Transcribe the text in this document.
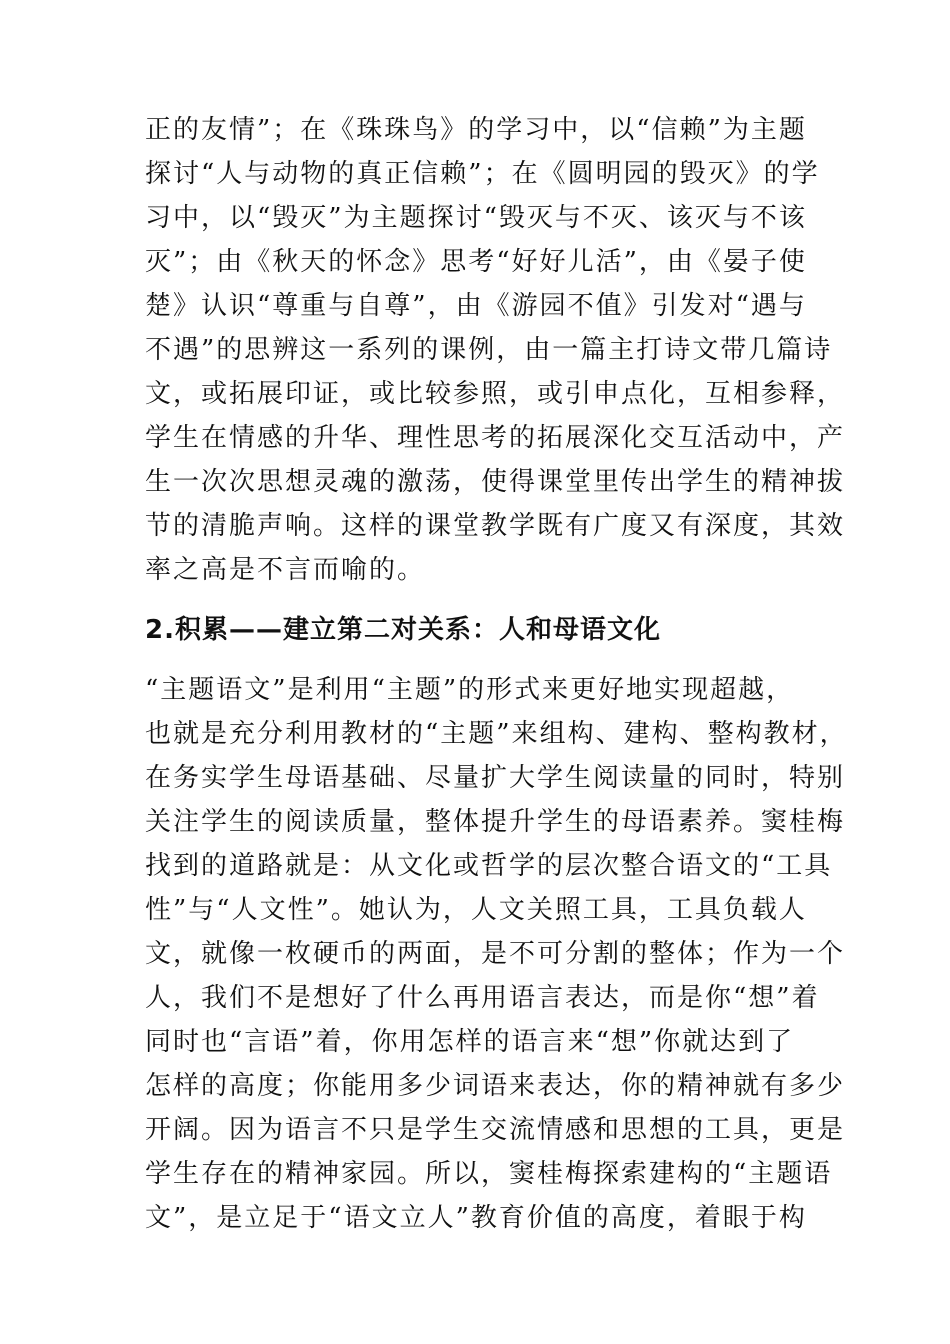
正的友情”；在《珠珠鸟》的学习中，以“信赖”为主题

探讨“人与动物的真正信赖”；在《圆明园的毁灭》的学

习中，以“毁灭”为主题探讨“毁灭与不灭、该灭与不该

灭”；由《秋天的怀念》思考“好好儿活”，由《晏子使

楚》认识“尊重与自尊”，由《游园不值》引发对“遇与

不遇”的思辨这一系列的课例，由一篇主打诗文带几篇诗

文，或拓展印证，或比较参照，或引申点化，互相参释，

学生在情感的升华、理性思考的拓展深化交互活动中，产

生一次次思想灵魂的激荡，使得课堂里传出学生的精神拔

节的清脆声响。这样的课堂教学既有广度又有深度，其效

率之高是不言而喻的。

2.积累——建立第二对关系：人和母语文化

“主题语文”是利用“主题”的形式来更好地实现超越，

也就是充分利用教材的“主题”来组构、建构、整构教材，

在务实学生母语基础、尽量扩大学生阅读量的同时，特别

关注学生的阅读质量，整体提升学生的母语素养。窦桂梅

找到的道路就是：从文化或哲学的层次整合语文的“工具

性”与“人文性”。她认为，人文关照工具，工具负载人

文，就像一枚硬币的两面，是不可分割的整体；作为一个

人，我们不是想好了什么再用语言表达，而是你“想”着

同时也“言语”着，你用怎样的语言来“想”你就达到了

怎样的高度；你能用多少词语来表达，你的精神就有多少

开阔。因为语言不只是学生交流情感和思想的工具，更是

学生存在的精神家园。所以，窦桂梅探索建构的“主题语

文”，是立足于“语文立人”教育价值的高度，着眼于构
